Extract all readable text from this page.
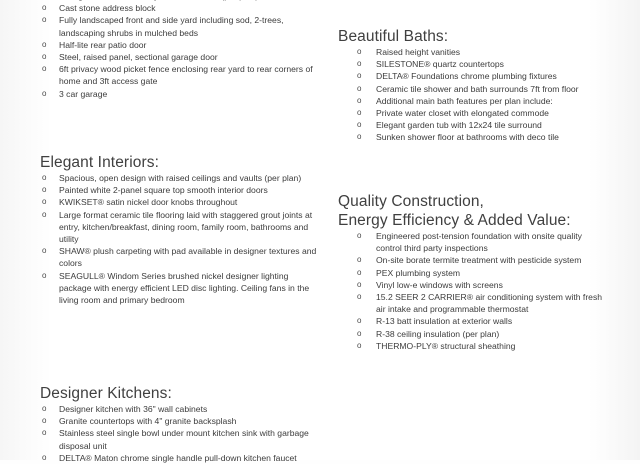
o Cast stone address block
o Fully landscaped front and side yard including sod, 2-trees, landscaping shrubs in mulched beds
o Half-lite rear patio door
o Steel, raised panel, sectional garage door
o 6ft privacy wood picket fence enclosing rear yard to rear corners of home and 3ft access gate
o 3 car garage
Elegant Interiors:
o Spacious, open design with raised ceilings and vaults (per plan)
o Painted white 2-panel square top smooth interior doors
o KWIKSET® satin nickel door knobs throughout
o Large format ceramic tile flooring laid with staggered grout joints at entry, kitchen/breakfast, dining room, family room, bathrooms and utility
o SHAW® plush carpeting with pad available in designer textures and colors
o SEAGULL® Windom Series brushed nickel designer lighting package with energy efficient LED disc lighting. Ceiling fans in the living room and primary bedroom
Designer Kitchens:
o Designer kitchen with 36" wall cabinets
o Granite countertops with 4" granite backsplash
o Stainless steel single bowl under mount kitchen sink with garbage disposal unit
o DELTA® Maton chrome single handle pull-down kitchen faucet
Beautiful Baths:
o Raised height vanities
o SILESTONE® quartz countertops
o DELTA® Foundations chrome plumbing fixtures
o Ceramic tile shower and bath surrounds 7ft from floor
o Additional main bath features per plan include:
o Private water closet with elongated commode
o Elegant garden tub with 12x24 tile surround
o Sunken shower floor at bathrooms with deco tile
Quality Construction,
Energy Efficiency & Added Value:
o Engineered post-tension foundation with onsite quality control third party inspections
o On-site borate termite treatment with pesticide system
o PEX plumbing system
o Vinyl low-e windows with screens
o 15.2 SEER 2 CARRIER® air conditioning system with fresh air intake and programmable thermostat
o R-13 batt insulation at exterior walls
o R-38 ceiling insulation (per plan)
o THERMO-PLY® structural sheathing
